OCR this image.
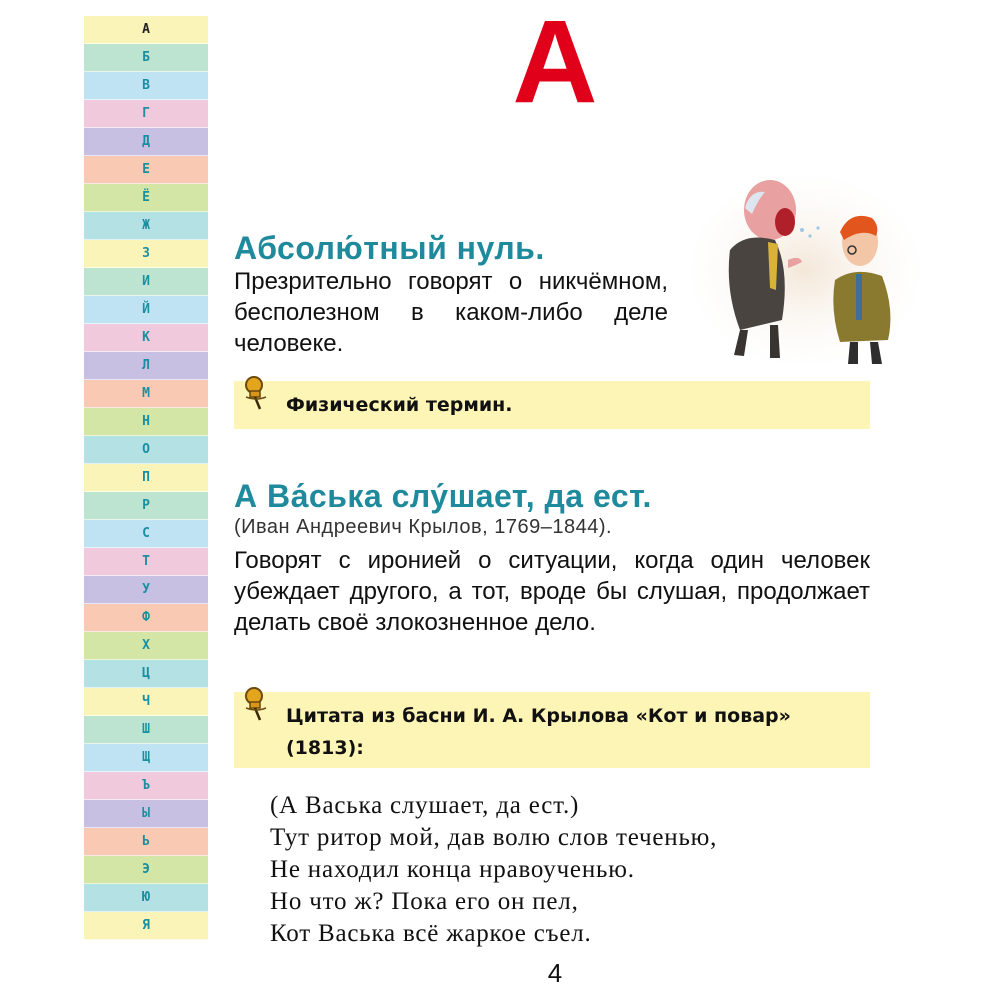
А
Б
В
Г
Д
Е
Ё
Ж
З
И
Й
К
Л
М
Н
О
П
Р
С
Т
У
Ф
Х
Ц
Ч
Ш
Щ
Ъ
Ы
Ь
Э
Ю
Я
А
Абсолю́тный нуль.
Презрительно говорят о никчёмном, бесполезном в каком-либо деле человеке.
Физический термин.
А Ва́ська слу́шает, да ест.
(Иван Андреевич Крылов, 1769–1844).
Говорят с иронией о ситуации, когда один человек убеждает другого, а тот, вроде бы слушая, продолжает делать своё злокозненное дело.
Цитата из басни И. А. Крылова «Кот и повар» (1813):
(А Васька слушает, да ест.)
Тут ритор мой, дав волю слов теченью,
Не находил конца нравоученью.
Но что ж? Пока его он пел,
Кот Васька всё жаркое съел.
4
